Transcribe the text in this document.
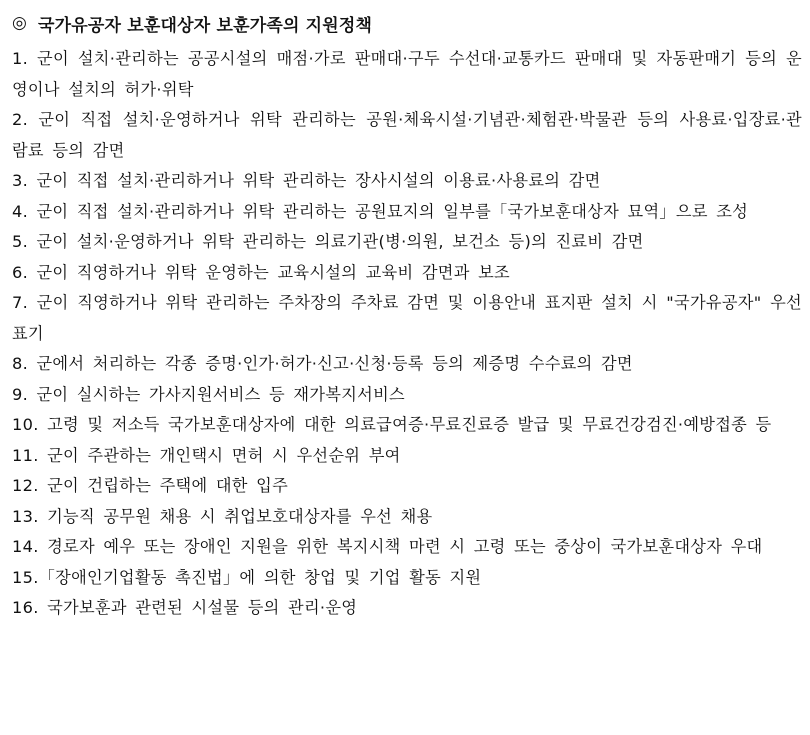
◎ 국가유공자 보훈대상자 보훈가족의 지원정책
1. 군이 설치·관리하는 공공시설의 매점·가로 판매대·구두 수선대·교통카드 판매대 및 자동판매기 등의 운영이나 설치의 허가·위탁
2. 군이 직접 설치·운영하거나 위탁 관리하는 공원·체육시설·기념관·체험관·박물관 등의 사용료·입장료·관람료 등의 감면
3. 군이 직접 설치·관리하거나 위탁 관리하는 장사시설의 이용료·사용료의 감면
4. 군이 직접 설치·관리하거나 위탁 관리하는 공원묘지의 일부를「국가보훈대상자 묘역」으로 조성
5. 군이 설치·운영하거나 위탁 관리하는 의료기관(병·의원, 보건소 등)의 진료비 감면
6. 군이 직영하거나 위탁 운영하는 교육시설의 교육비 감면과 보조
7. 군이 직영하거나 위탁 관리하는 주차장의 주차료 감면 및 이용안내 표지판 설치 시 "국가유공자" 우선 표기
8. 군에서 처리하는 각종 증명·인가·허가·신고·신청·등록 등의 제증명 수수료의 감면
9. 군이 실시하는 가사지원서비스 등 재가복지서비스
10. 고령 및 저소득 국가보훈대상자에 대한 의료급여증·무료진료증 발급 및 무료건강검진·예방접종 등
11. 군이 주관하는 개인택시 면허 시 우선순위 부여
12. 군이 건립하는 주택에 대한 입주
13. 기능직 공무원 채용 시 취업보호대상자를 우선 채용
14. 경로자 예우 또는 장애인 지원을 위한 복지시책 마련 시 고령 또는 중상이 국가보훈대상자 우대
15.「장애인기업활동 촉진법」에 의한 창업 및 기업 활동 지원
16. 국가보훈과 관련된 시설물 등의 관리·운영
